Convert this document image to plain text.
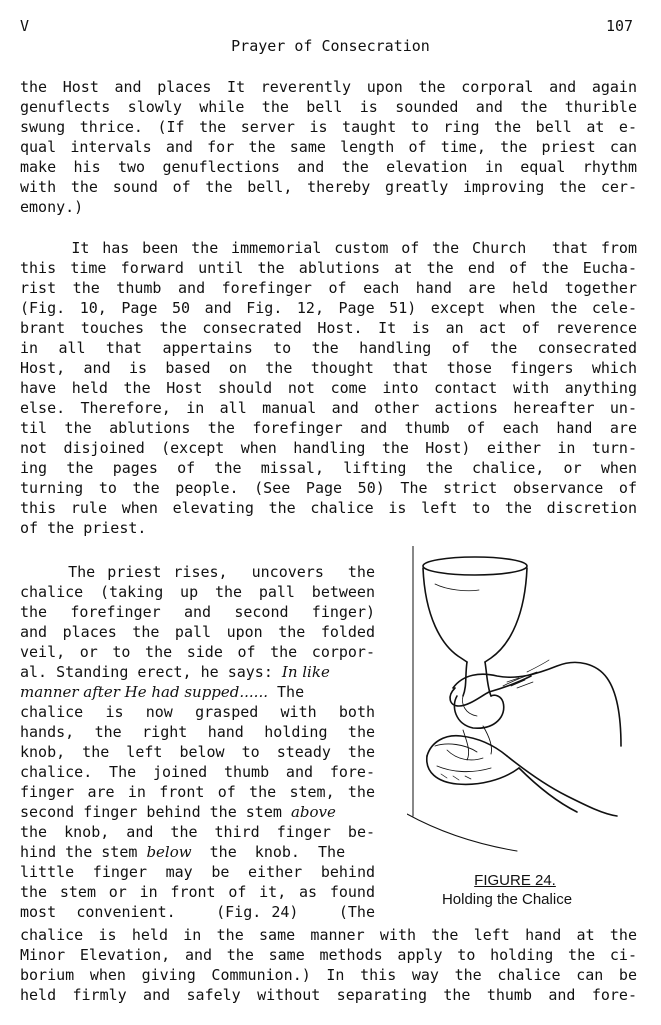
V	107
Prayer of Consecration
the Host and places It reverently upon the corporal and again
genuflects slowly while the bell is sounded and the thurible
swung thrice. (If the server is taught to ring the bell at e-
qual intervals and for the same length of time, the priest can
make his two genuflections and the elevation in equal rhythm
with the sound of the bell, thereby greatly improving the cer-
emony.)
It has been the immemorial custom of the Church  that from
this time forward until the ablutions at the end of the Eucha-
rist the thumb and forefinger of each hand are held together
(Fig. 10, Page 50 and Fig. 12, Page 51) except when the cele-
brant touches the consecrated Host. It is an act of reverence
in all that appertains to the handling of the consecrated
Host, and is based on the thought that those fingers which
have held the Host should not come into contact with anything
else. Therefore, in all manual and other actions hereafter un-
til the ablutions the forefinger and thumb of each hand are
not disjoined (except when handling the Host) either in turn-
ing the pages of the missal, lifting the chalice, or when
turning to the people. (See Page 50) The strict observance of
this rule when elevating the chalice is left to the discretion
of the priest.
The priest rises,  uncovers  the
chalice (taking up the pall between
the forefinger and second finger)
and places the pall upon the folded
veil, or to the side of the corpor-
al. Standing erect, he says: In like
manner after He had supped...... The
chalice is now grasped with both
hands, the right hand holding the
knob, the left below to steady the
chalice. The joined thumb and fore-
finger are in front of the stem, the
second finger behind the stem above
the knob, and the third finger be-
hind the stem below  the  knob.  The
little finger may be either behind
the stem or in front of it, as found
most  convenient.    (Fig. 24)    (The
chalice is held in the same manner with the left hand at the
Minor Elevation, and the same methods apply to holding the ci-
borium when giving Communion.) In this way the chalice can be
held firmly and safely without separating the thumb and fore-
FIGURE 24.
Holding the Chalice
